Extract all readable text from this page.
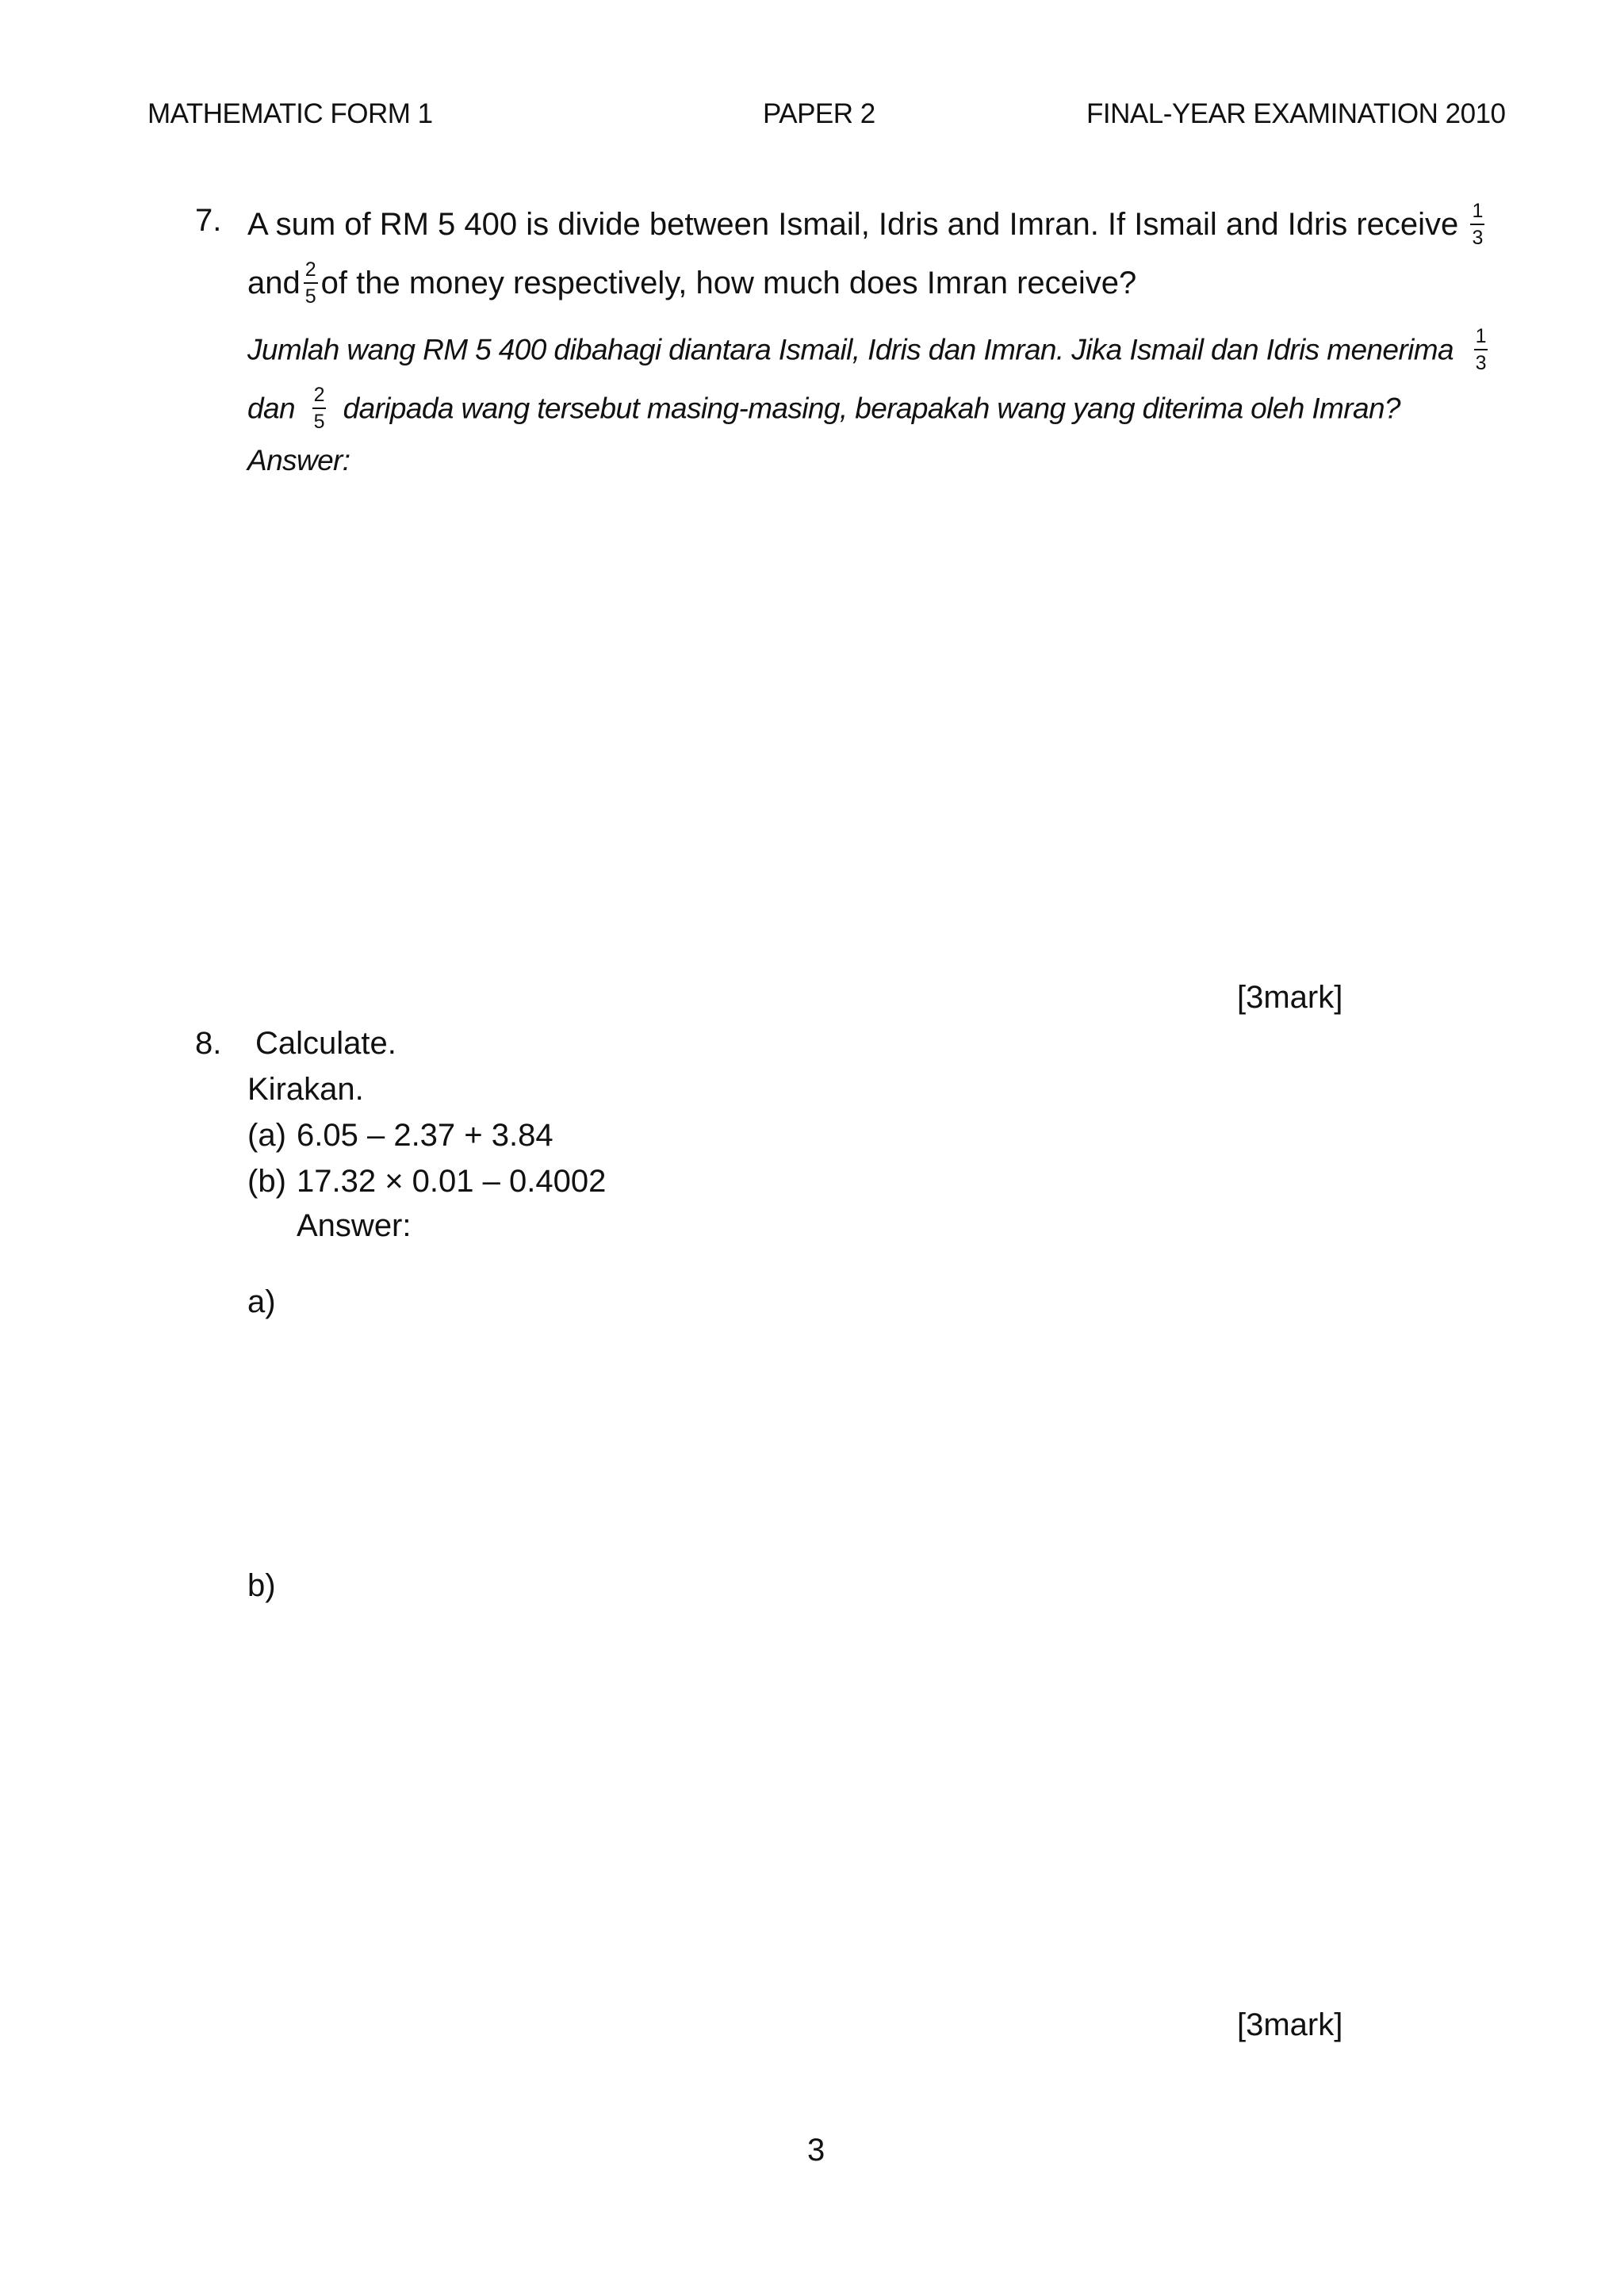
MATHEMATIC FORM 1	PAPER 2	FINAL-YEAR EXAMINATION 2010
7. A sum of RM 5 400 is divide between Ismail, Idris and Imran. If Ismail and Idris receive $\frac{1}{3}$
and $\frac{2}{5}$ of the money respectively, how much does Imran receive?
Jumlah wang RM 5 400 dibahagi diantara Ismail, Idris dan Imran. Jika Ismail dan Idris menerima $\frac{1}{3}$
dan $\frac{2}{5}$ daripada wang tersebut masing-masing, berapakah wang yang diterima oleh Imran?
Answer:
[3mark]
8. Calculate.
Kirakan.
(a) 6.05 – 2.37 + 3.84
(b) 17.32 × 0.01 – 0.4002
Answer:
a)
b)
[3mark]
3
